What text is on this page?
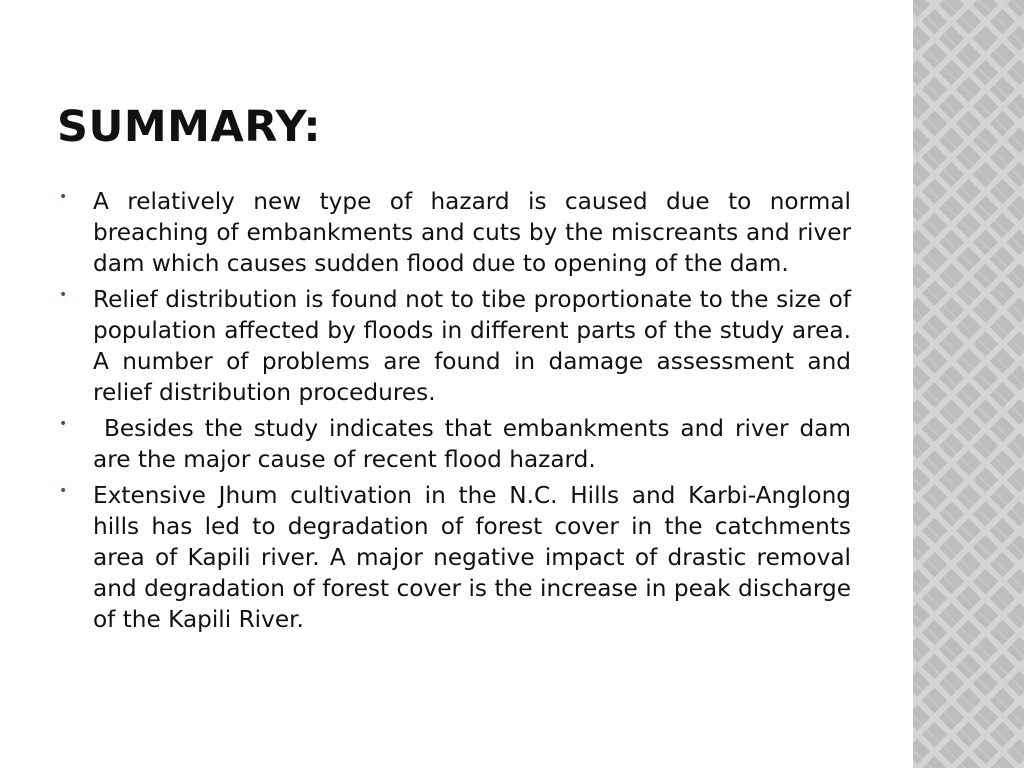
SUMMARY:
• A relatively new type of hazard is caused due to normal breaching of embankments and cuts by the miscreants and river dam which causes sudden flood due to opening of the dam.
• Relief distribution is found not to tibe proportionate to the size of population affected by floods in different parts of the study area. A number of problems are found in damage assessment and relief distribution procedures.
• Besides the study indicates that embankments and river dam are the major cause of recent flood hazard.
• Extensive Jhum cultivation in the N.C. Hills and Karbi-Anglong hills has led to degradation of forest cover in the catchments area of Kapili river. A major negative impact of drastic removal and degradation of forest cover is the increase in peak discharge of the Kapili River.
